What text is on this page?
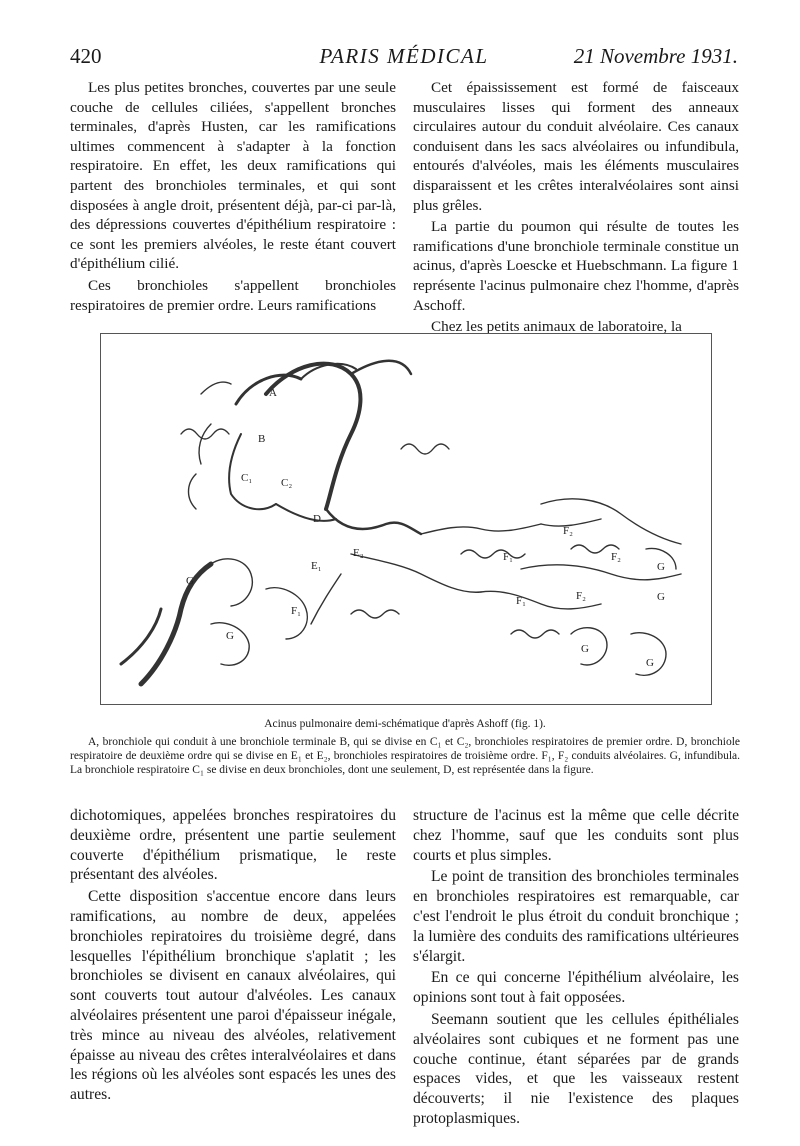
420	PARIS MÉDICAL	21 Novembre 1931.

Les plus petites bronches, couvertes par une seule couche de cellules ciliées, s'appellent bronches terminales, d'après Husten, car les ramifications ultimes commencent à s'adapter à la fonction respiratoire. En effet, les deux ramifications qui partent des bronchioles terminales, et qui sont disposées à angle droit, présentent déjà, par-ci par-là, des dépressions couvertes d'épithélium respiratoire : ce sont les premiers alvéoles, le reste étant couvert d'épithélium cilié.

Ces bronchioles s'appellent bronchioles respiratoires de premier ordre. Leurs ramifications

Cet épaississement est formé de faisceaux musculaires lisses qui forment des anneaux circulaires autour du conduit alvéolaire. Ces canaux conduisent dans les sacs alvéolaires ou infundibula, entourés d'alvéoles, mais les éléments musculaires disparaissent et les crêtes interalvéolaires sont ainsi plus grêles.

La partie du poumon qui résulte de toutes les ramifications d'une bronchiole terminale constitue un acinus, d'après Loescke et Huebschmann. La figure 1 représente l'acinus pulmonaire chez l'homme, d'après Aschoff.

Chez les petits animaux de laboratoire, la

A
B
C₁	C₂
D
E₂
E₁
F₁
F₁
F₁
F₂
F₂
F₂
G
G
G
G
G
G
Acinus pulmonaire demi-schématique d'après Ashoff (fig. 1).

A, bronchiole qui conduit à une bronchiole terminale B, qui se divise en C₁ et C₂, bronchioles respiratoires de premier ordre. D, bronchiole respiratoire de deuxième ordre qui se divise en E₁ et E₂, bronchioles respiratoires de troisième ordre. F₁, F₂ conduits alvéolaires. G, infundibula. La bronchiole respiratoire C₁ se divise en deux bronchioles, dont une seulement, D, est représentée dans la figure.

dichotomiques, appelées bronches respiratoires du deuxième ordre, présentent une partie seulement couverte d'épithélium prismatique, le reste présentant des alvéoles.

Cette disposition s'accentue encore dans leurs ramifications, au nombre de deux, appelées bronchioles repiratoires du troisième degré, dans lesquelles l'épithélium bronchique s'aplatit ; les bronchioles se divisent en canaux alvéolaires, qui sont couverts tout autour d'alvéoles. Les canaux alvéolaires présentent une paroi d'épaisseur inégale, très mince au niveau des alvéoles, relativement épaisse au niveau des crêtes interalvéolaires et dans les régions où les alvéoles sont espacés les unes des autres.

structure de l'acinus est la même que celle décrite chez l'homme, sauf que les conduits sont plus courts et plus simples.

Le point de transition des bronchioles terminales en bronchioles respiratoires est remarquable, car c'est l'endroit le plus étroit du conduit bronchique ; la lumière des conduits des ramifications ultérieures s'élargit.

En ce qui concerne l'épithélium alvéolaire, les opinions sont tout à fait opposées.

Seemann soutient que les cellules épithéliales alvéolaires sont cubiques et ne forment pas une couche continue, étant séparées par de grands espaces vides, et que les vaisseaux restent découverts; il nie l'existence des plaques protoplasmiques.
